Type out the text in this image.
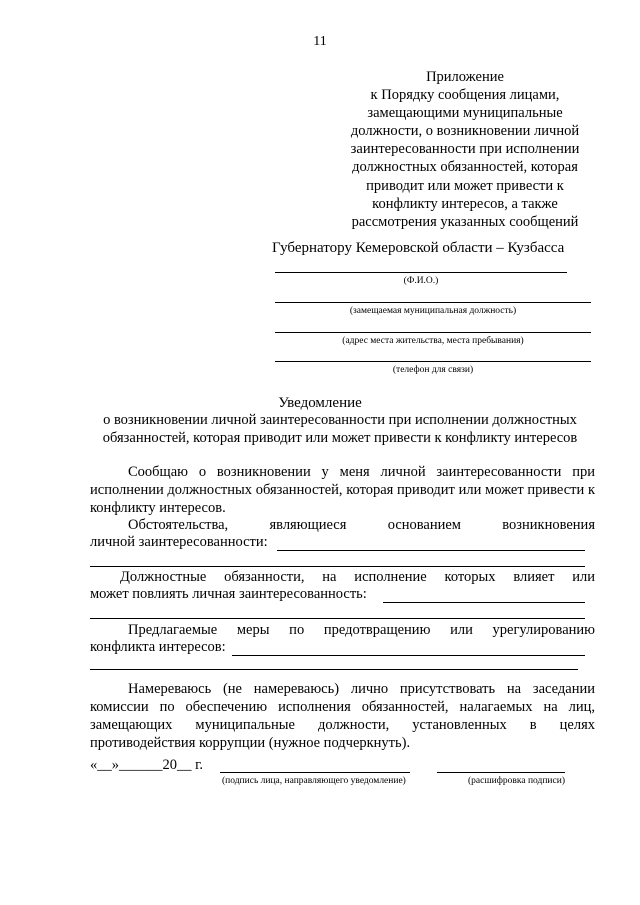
11
Приложение
к Порядку сообщения лицами,
замещающими муниципальные
должности, о возникновении личной
заинтересованности при исполнении
должностных обязанностей, которая
приводит или может привести к
конфликту интересов, а также
рассмотрения указанных сообщений
Губернатору Кемеровской области – Кузбасса
(Ф.И.О.)
(замещаемая муниципальная должность)
(адрес места жительства, места пребывания)
(телефон для связи)
Уведомление
о возникновении личной заинтересованности при исполнении должностных обязанностей, которая приводит или может привести к конфликту интересов
Сообщаю о возникновении у меня личной заинтересованности при исполнении должностных обязанностей, которая приводит или может привести к конфликту интересов.
Обстоятельства, являющиеся основанием возникновения
личной заинтересованности:
Должностные обязанности, на исполнение которых влияет или
может повлиять личная заинтересованность:
Предлагаемые меры по предотвращению или урегулированию
конфликта интересов:
Намереваюсь (не намереваюсь) лично присутствовать на заседании комиссии по обеспечению исполнения обязанностей, налагаемых на лиц, замещающих муниципальные должности, установленных в целях противодействия коррупции (нужное подчеркнуть).
«__»______20__ г.
(подпись лица, направляющего уведомление)	(расшифровка подписи)
